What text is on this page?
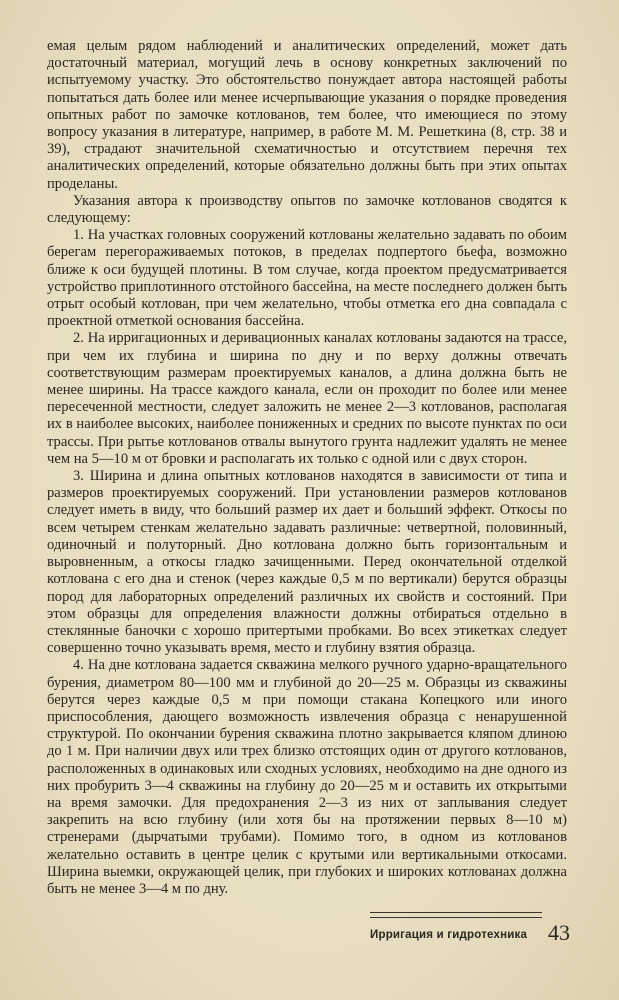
емая целым рядом наблюдений и аналитических определений, может дать достаточный материал, могущий лечь в основу конкретных заключений по испытуемому участку. Это обстоятельство понуждает автора настоящей работы попытаться дать более или менее исчерпывающие указания о порядке проведения опытных работ по замочке котлованов, тем более, что имеющиеся по этому вопросу указания в литературе, например, в работе М. М. Решеткина (8, стр. 38 и 39), страдают значительной схематичностью и отсутствием перечня тех аналитических определений, которые обязательно должны быть при этих опытах проделаны.

Указания автора к производству опытов по замочке котлованов сводятся к следующему:

1. На участках головных сооружений котлованы желательно задавать по обоим берегам перегораживаемых потоков, в пределах подпертого бьефа, возможно ближе к оси будущей плотины. В том случае, когда проектом предусматривается устройство приплотинного отстойного бассейна, на месте последнего должен быть отрыт особый котлован, при чем желательно, чтобы отметка его дна совпадала с проектной отметкой основания бассейна.

2. На ирригационных и деривационных каналах котлованы задаются на трассе, при чем их глубина и ширина по дну и по верху должны отвечать соответствующим размерам проектируемых каналов, а длина должна быть не менее ширины. На трассе каждого канала, если он проходит по более или менее пересеченной местности, следует заложить не менее 2—3 котлованов, располагая их в наиболее высоких, наиболее пониженных и средних по высоте пунктах по оси трассы. При рытье котлованов отвалы вынутого грунта надлежит удалять не менее чем на 5—10 м от бровки и располагать их только с одной или с двух сторон.

3. Ширина и длина опытных котлованов находятся в зависимости от типа и размеров проектируемых сооружений. При установлении размеров котлованов следует иметь в виду, что больший размер их дает и больший эффект. Откосы по всем четырем стенкам желательно задавать различные: четвертной, половинный, одиночный и полуторный. Дно котлована должно быть горизонтальным и выровненным, а откосы гладко зачищенными. Перед окончательной отделкой котлована с его дна и стенок (через каждые 0,5 м по вертикали) берутся образцы пород для лабораторных определений различных их свойств и состояний. При этом образцы для определения влажности должны отбираться отдельно в стеклянные баночки с хорошо притертыми пробками. Во всех этикетках следует совершенно точно указывать время, место и глубину взятия образца.

4. На дне котлована задается скважина мелкого ручного ударно-вращательного бурения, диаметром 80—100 мм и глубиной до 20—25 м. Образцы из скважины берутся через каждые 0,5 м при помощи стакана Копецкого или иного приспособления, дающего возможность извлечения образца с ненарушенной структурой. По окончании бурения скважина плотно закрывается кляпом длиною до 1 м. При наличии двух или трех близко отстоящих один от другого котлованов, расположенных в одинаковых или сходных условиях, необходимо на дне одного из них пробурить 3—4 скважины на глубину до 20—25 м и оставить их открытыми на время замочки. Для предохранения 2—3 из них от заплывания следует закрепить на всю глубину (или хотя бы на протяжении первых 8—10 м) стренерами (дырчатыми трубами). Помимо того, в одном из котлованов желательно оставить в центре целик с крутыми или вертикальными откосами. Ширина выемки, окружающей целик, при глубоких и широких котлованах должна быть не менее 3—4 м по дну.

Ирригация и гидротехника 43
